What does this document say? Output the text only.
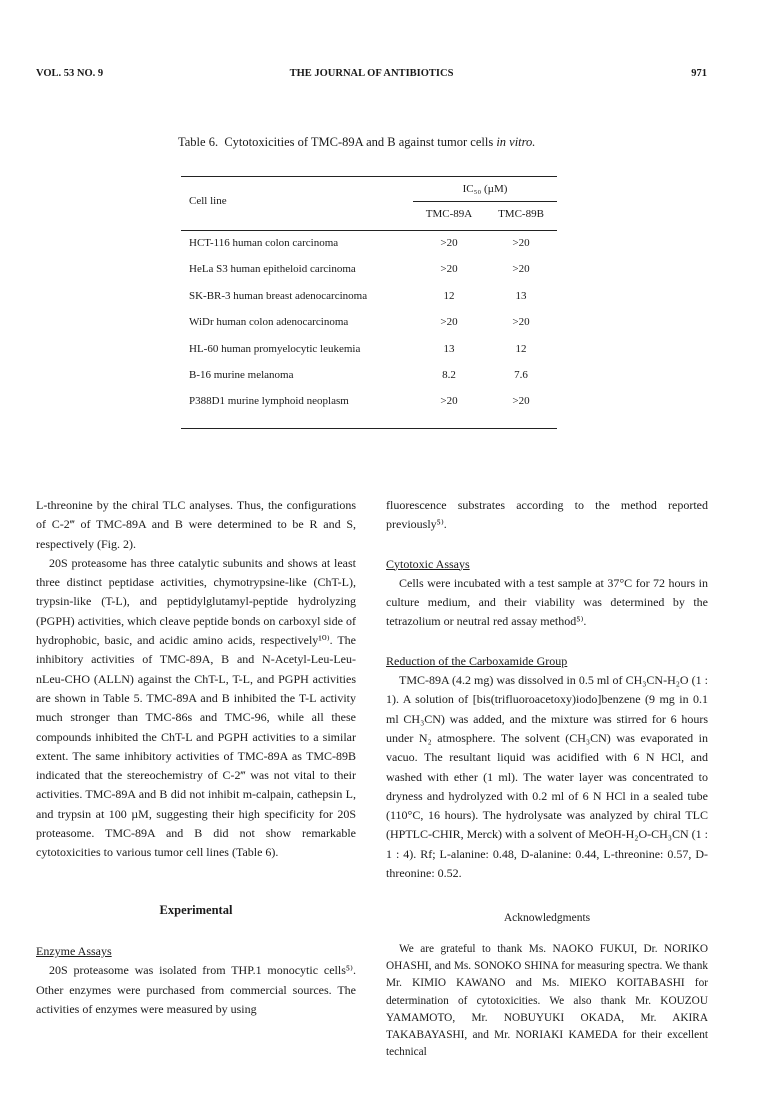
VOL. 53 NO. 9	THE JOURNAL OF ANTIBIOTICS	971
Table 6. Cytotoxicities of TMC-89A and B against tumor cells in vitro.
Cell line
IC₅₀ (µM)
TMC-89A	TMC-89B
HCT-116 human colon carcinoma	>20	>20
HeLa S3 human epitheloid carcinoma	>20	>20
SK-BR-3 human breast adenocarcinoma	12	13
WiDr human colon adenocarcinoma	>20	>20
HL-60 human promyelocytic leukemia	13	12
B-16 murine melanoma	8.2	7.6
P388D1 murine lymphoid neoplasm	>20	>20

L-threonine by the chiral TLC analyses. Thus, the configurations of C-2‴ of TMC-89A and B were determined to be R and S, respectively (Fig. 2).

20S proteasome has three catalytic subunits and shows at least three distinct peptidase activities, chymotrypsine-like (ChT-L), trypsin-like (T-L), and peptidylglutamyl-peptide hydrolyzing (PGPH) activities, which cleave peptide bonds on carboxyl side of hydrophobic, basic, and acidic amino acids, respectively¹⁰⁾. The inhibitory activities of TMC-89A, B and N-Acetyl-Leu-Leu-nLeu-CHO (ALLN) against the ChT-L, T-L, and PGPH activities are shown in Table 5. TMC-89A and B inhibited the T-L activity much stronger than TMC-86s and TMC-96, while all these compounds inhibited the ChT-L and PGPH activities to a similar extent. The same inhibitory activities of TMC-89A as TMC-89B indicated that the stereochemistry of C-2‴ was not vital to their activities. TMC-89A and B did not inhibit m-calpain, cathepsin L, and trypsin at 100 µM, suggesting their high specificity for 20S proteasome. TMC-89A and B did not show remarkable cytotoxicities to various tumor cell lines (Table 6).

Experimental

Enzyme Assays

20S proteasome was isolated from THP.1 monocytic cells⁵⁾. Other enzymes were purchased from commercial sources. The activities of enzymes were measured by using

fluorescence substrates according to the method reported previously⁵⁾.

Cytotoxic Assays

Cells were incubated with a test sample at 37°C for 72 hours in culture medium, and their viability was determined by the tetrazolium or neutral red assay method⁵⁾.

Reduction of the Carboxamide Group

TMC-89A (4.2 mg) was dissolved in 0.5 ml of CH₃CN-H₂O (1 : 1). A solution of [bis(trifluoroacetoxy)iodo]benzene (9 mg in 0.1 ml CH₃CN) was added, and the mixture was stirred for 6 hours under N₂ atmosphere. The solvent (CH₃CN) was evaporated in vacuo. The resultant liquid was acidified with 6 N HCl, and washed with ether (1 ml). The water layer was concentrated to dryness and hydrolyzed with 0.2 ml of 6 N HCl in a sealed tube (110°C, 16 hours). The hydrolysate was analyzed by chiral TLC (HPTLC-CHIR, Merck) with a solvent of MeOH-H₂O-CH₃CN (1 : 1 : 4). Rf; L-alanine: 0.48, D-alanine: 0.44, L-threonine: 0.57, D-threonine: 0.52.

Acknowledgments

We are grateful to thank Ms. NAOKO FUKUI, Dr. NORIKO OHASHI, and Ms. SONOKO SHINA for measuring spectra. We thank Mr. KIMIO KAWANO and Ms. MIEKO KOITABASHI for determination of cytotoxicities. We also thank Mr. KOUZOU YAMAMOTO, Mr. NOBUYUKI OKADA, Mr. AKIRA TAKABAYASHI, and Mr. NORIAKI KAMEDA for their excellent technical
